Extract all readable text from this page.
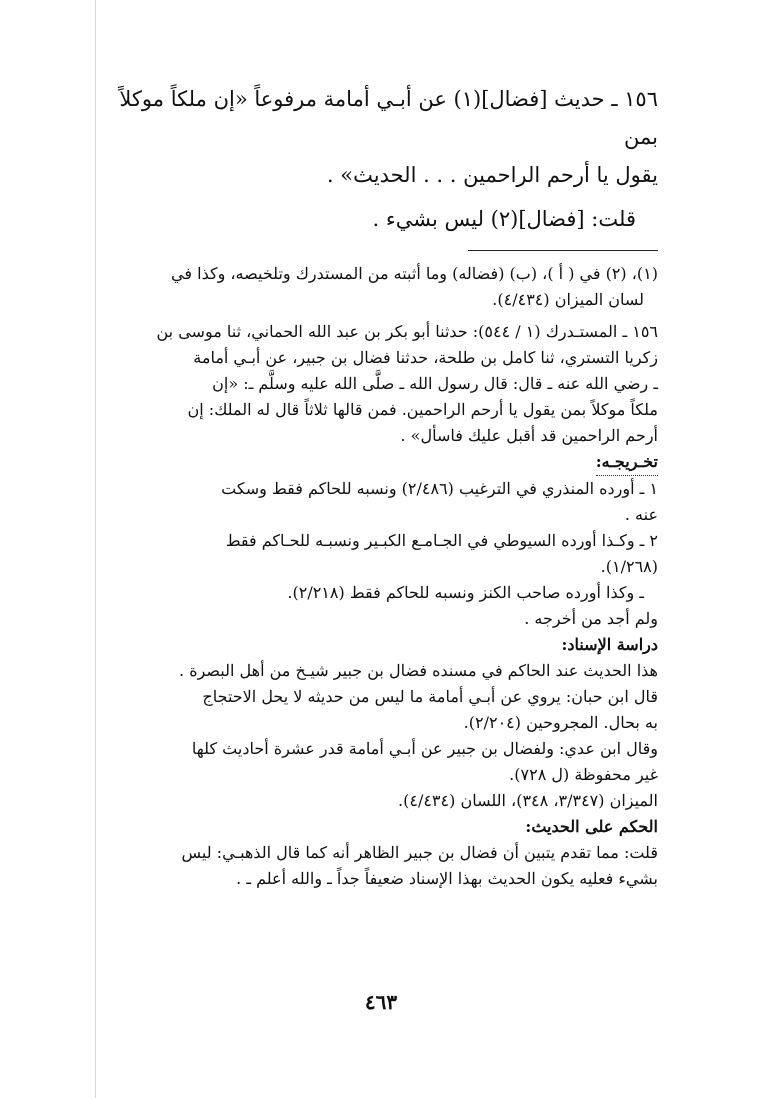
١٥٦ ـ حديث [فضال](١) عن أبـي أمامة مرفوعاً «إن ملكاً موكلاً بمن

يقول يا أرحم الراحمين . . . الحديث» .

قلت: [فضال](٢) ليس بشيء .

(١)، (٢) في ( أ )، (ب) (فضاله) وما أثبته من المستدرك وتلخيصه، وكذا في

لسان الميزان (٤/٤٣٤).

١٥٦ ـ المستـدرك (١ / ٥٤٤): حدثنا أبو بكر بن عبد الله الحماني، ثنا موسى بن

زكريا التستري، ثنا كامل بن طلحة، حدثنا فضال بن جبير، عن أبـي أمامة

ـ رضي الله عنه ـ قال: قال رسول الله ـ صلَّى الله عليه وسلَّم ـ: «إن

ملكاً موكلاً بمن يقول يا أرحم الراحمين. فمن قالها ثلاثاً قال له الملك: إن

أرحم الراحمين قد أقبل عليك فاسأل» .

تخـريجـه:

١ ـ أورده المنذري في الترغيب (٢/٤٨٦) ونسبه للحاكم فقط وسكت

عنه .

٢ ـ وكـذا أورده السيوطي في الجـامـع الكبـير ونسبـه للحـاكم فقط

(١/٢٦٨).

ـ وكذا أورده صاحب الكنز ونسبه للحاكم فقط (٢/٢١٨).

ولم أجد من أخرجه .

دراسة الإسناد:

هذا الحديث عند الحاكم في مسنده فضال بن جبير شيـخ من أهل البصرة .

قال ابن حبان: يروي عن أبـي أمامة ما ليس من حديثه لا يحل الاحتجاج

به بحال. المجروحين (٢/٢٠٤).

وقال ابن عدي: ولفضال بن جبير عن أبـي أمامة قدر عشرة أحاديث كلها

غير محفوظة (ل ٧٢٨).

الميزان (٣/٣٤٧، ٣٤٨)، اللسان (٤/٤٣٤).

الحكم على الحديث:

قلت: مما تقدم يتبين أن فضال بن جبير الظاهر أنه كما قال الذهبـي: ليس

بشيء فعليه يكون الحديث بهذا الإسناد ضعيفاً جداً ـ والله أعلم ـ .

٤٦٣
